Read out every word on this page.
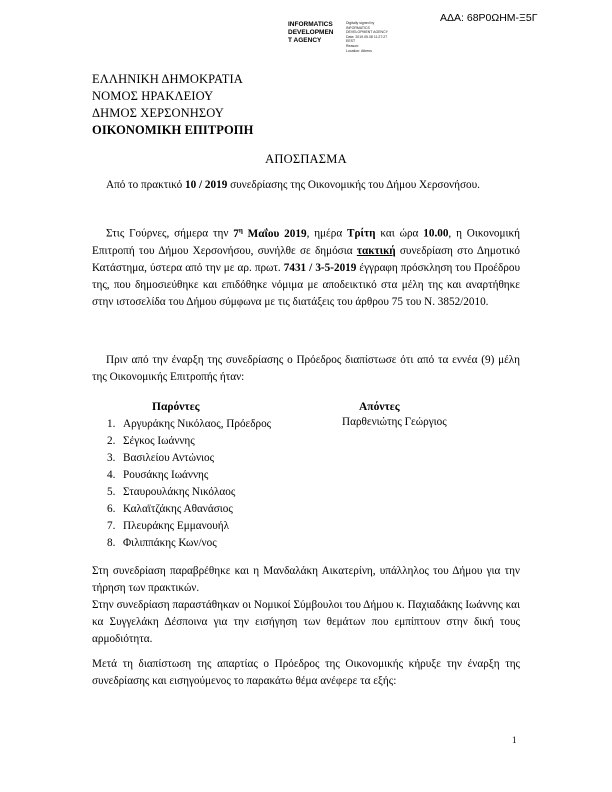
ΑΔΑ: 68Ρ0ΩΗΜ-Ξ5Γ
INFORMATICS
DEVELOPMEN
T AGENCY
Digitally signed by
INFORMATICS
DEVELOPMENT AGENCY
Date: 2019.05.08 11:27:27
EEST
Reason:
Location: Athens
ΕΛΛΗΝΙΚΗ ΔΗΜΟΚΡΑΤΙΑ
ΝΟΜΟΣ ΗΡΑΚΛΕΙΟΥ
ΔΗΜΟΣ ΧΕΡΣΟΝΗΣΟΥ
ΟΙΚΟΝΟΜΙΚΗ ΕΠΙΤΡΟΠΗ
ΑΠΟΣΠΑΣΜΑ

Από το πρακτικό 10 / 2019 συνεδρίασης της Οικονομικής του Δήμου Χερσονήσου.

Στις Γούρνες, σήμερα την $7^\eta$ Μαΐου 2019, ημέρα Τρίτη και ώρα 10.00, η Οικονομική Επιτροπή του Δήμου Χερσονήσου, συνήλθε σε δημόσια τακτική συνεδρίαση στο Δημοτικό Κατάστημα, ύστερα από την με αρ. πρωτ. 7431 / 3-5-2019 έγγραφη πρόσκληση του Προέδρου της, που δημοσιεύθηκε και επιδόθηκε νόμιμα με αποδεικτικό στα μέλη της και αναρτήθηκε στην ιστοσελίδα του Δήμου σύμφωνα με τις διατάξεις του άρθρου 75 του Ν. 3852/2010.

Πριν από την έναρξη της συνεδρίασης ο Πρόεδρος διαπίστωσε ότι από τα εννέα (9) μέλη της Οικονομικής Επιτροπής ήταν:

Παρόντες	Απόντες
1. Αργυράκης Νικόλαος, Πρόεδρος
2. Σέγκος Ιωάννης
3. Βασιλείου Αντώνιος
4. Ρουσάκης Ιωάννης
5. Σταυρουλάκης Νικόλαος
6. Καλαϊτζάκης Αθανάσιος
7. Πλευράκης Εμμανουήλ
8. Φιλιππάκης Κων/νος
Παρθενιώτης Γεώργιος

Στη συνεδρίαση παραβρέθηκε και η Μανδαλάκη Αικατερίνη, υπάλληλος του Δήμου για την τήρηση των πρακτικών.

Στην συνεδρίαση παραστάθηκαν οι Νομικοί Σύμβουλοι του Δήμου κ. Παχιαδάκης Ιωάννης και κα Συγγελάκη Δέσποινα για την εισήγηση των θεμάτων που εμπίπτουν στην δική τους αρμοδιότητα.

Μετά τη διαπίστωση της απαρτίας ο Πρόεδρος της Οικονομικής κήρυξε την έναρξη της συνεδρίασης και εισηγούμενος το παρακάτω θέμα ανέφερε τα εξής:

1
